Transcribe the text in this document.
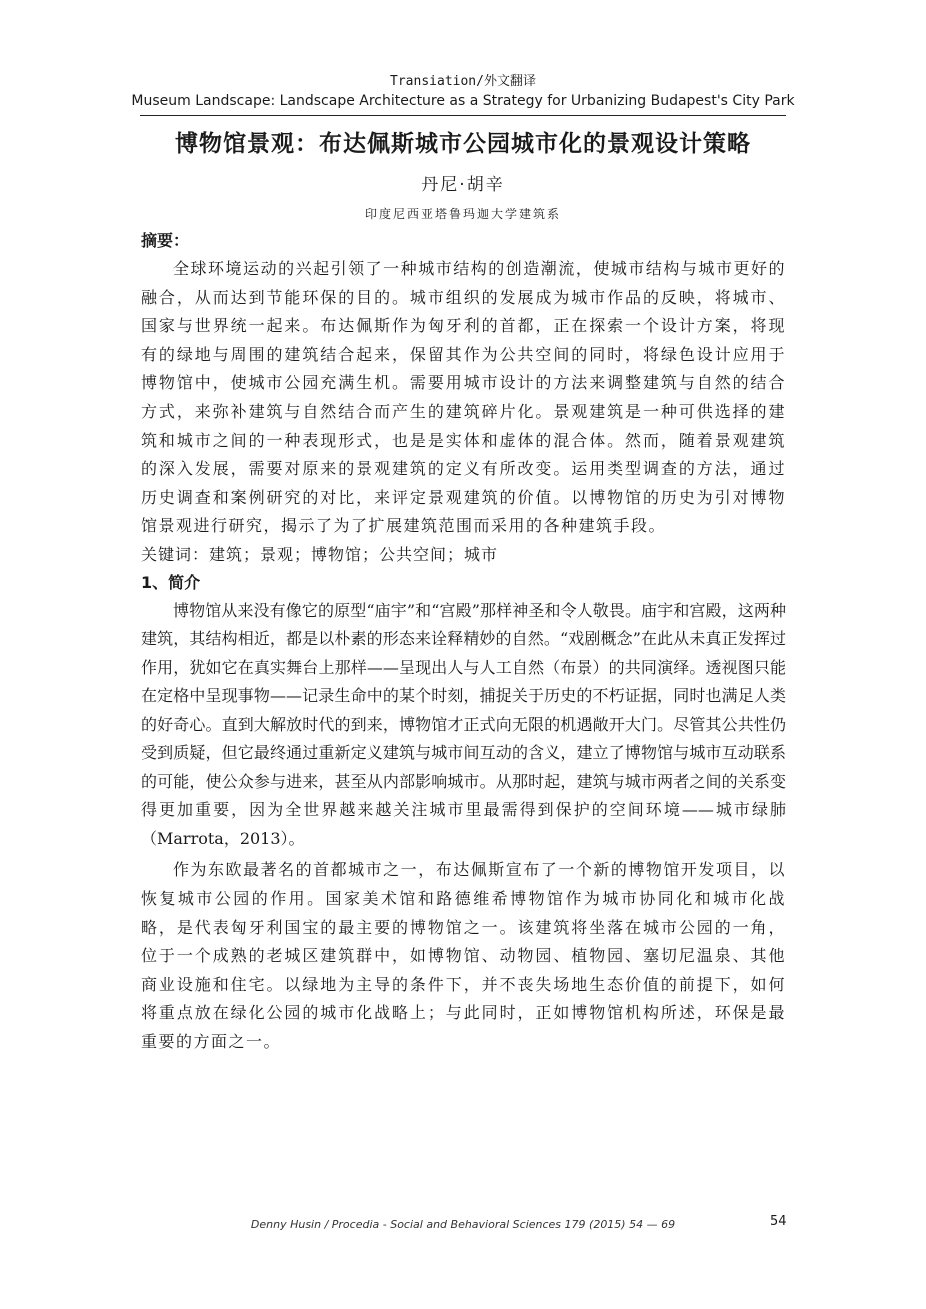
Transiation/外文翻译
Museum Landscape: Landscape Architecture as a Strategy for Urbanizing Budapest's City Park
博物馆景观：布达佩斯城市公园城市化的景观设计策略
丹尼·胡辛
印度尼西亚塔鲁玛迦大学建筑系

摘要：

全球环境运动的兴起引领了一种城市结构的创造潮流，使城市结构与城市更好的融合，从而达到节能环保的目的。城市组织的发展成为城市作品的反映，将城市、国家与世界统一起来。布达佩斯作为匈牙利的首都，正在探索一个设计方案，将现有的绿地与周围的建筑结合起来，保留其作为公共空间的同时，将绿色设计应用于博物馆中，使城市公园充满生机。需要用城市设计的方法来调整建筑与自然的结合方式，来弥补建筑与自然结合而产生的建筑碎片化。景观建筑是一种可供选择的建筑和城市之间的一种表现形式，也是是实体和虚体的混合体。然而，随着景观建筑的深入发展，需要对原来的景观建筑的定义有所改变。运用类型调查的方法，通过历史调查和案例研究的对比，来评定景观建筑的价值。以博物馆的历史为引对博物馆景观进行研究，揭示了为了扩展建筑范围而采用的各种建筑手段。

关键词：建筑；景观；博物馆；公共空间；城市

1、简介

博物馆从来没有像它的原型“庙宇”和“宫殿”那样神圣和令人敬畏。庙宇和宫殿，这两种建筑，其结构相近，都是以朴素的形态来诠释精妙的自然。“戏剧概念”在此从未真正发挥过作用，犹如它在真实舞台上那样——呈现出人与人工自然（布景）的共同演绎。透视图只能在定格中呈现事物——记录生命中的某个时刻，捕捉关于历史的不朽证据，同时也满足人类的好奇心。直到大解放时代的到来，博物馆才正式向无限的机遇敞开大门。尽管其公共性仍受到质疑，但它最终通过重新定义建筑与城市间互动的含义，建立了博物馆与城市互动联系的可能，使公众参与进来，甚至从内部影响城市。从那时起，建筑与城市两者之间的关系变得更加重要，因为全世界越来越关注城市里最需得到保护的空间环境——城市绿肺（Marrota，2013）。

作为东欧最著名的首都城市之一，布达佩斯宣布了一个新的博物馆开发项目，以恢复城市公园的作用。国家美术馆和路德维希博物馆作为城市协同化和城市化战略，是代表匈牙利国宝的最主要的博物馆之一。该建筑将坐落在城市公园的一角，位于一个成熟的老城区建筑群中，如博物馆、动物园、植物园、塞切尼温泉、其他商业设施和住宅。以绿地为主导的条件下，并不丧失场地生态价值的前提下，如何将重点放在绿化公园的城市化战略上；与此同时，正如博物馆机构所述，环保是最重要的方面之一。

Denny Husin / Procedia - Social and Behavioral Sciences 179 (2015) 54 — 69	54
